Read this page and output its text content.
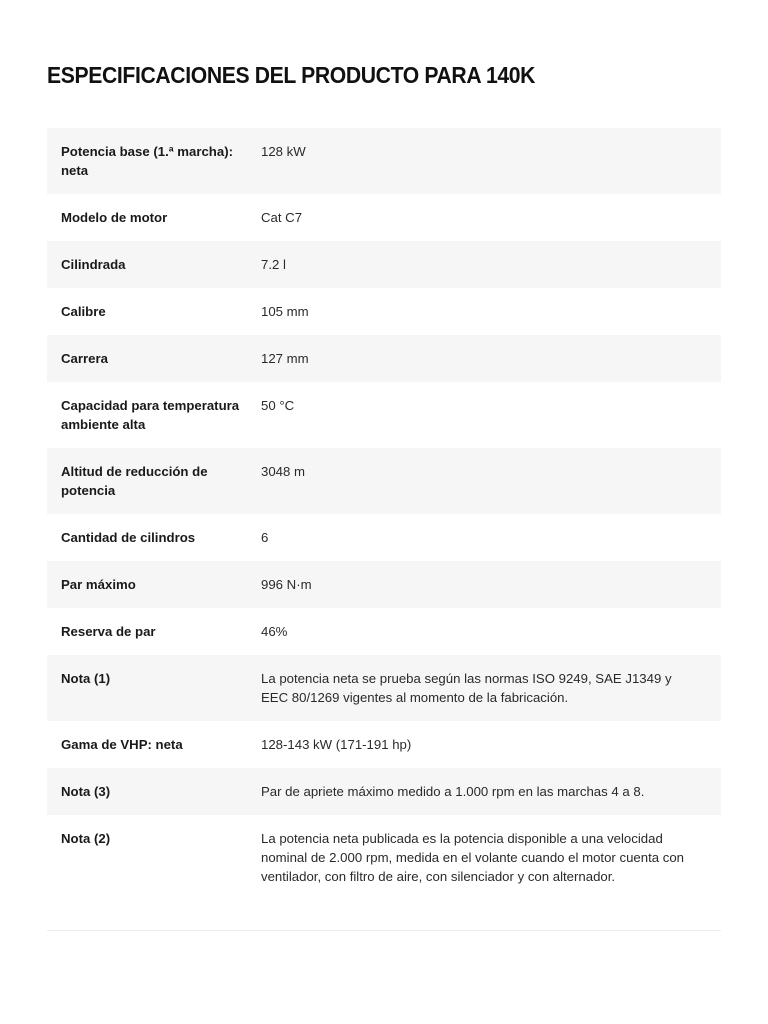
ESPECIFICACIONES DEL PRODUCTO PARA 140K
Potencia base (1.ª marcha): neta	128 kW
Modelo de motor	Cat C7
Cilindrada	7.2 l
Calibre	105 mm
Carrera	127 mm
Capacidad para temperatura ambiente alta	50 °C
Altitud de reducción de potencia	3048 m
Cantidad de cilindros	6
Par máximo	996 N·m
Reserva de par	46%
Nota (1)	La potencia neta se prueba según las normas ISO 9249, SAE J1349 y EEC 80/1269 vigentes al momento de la fabricación.
Gama de VHP: neta	128-143 kW (171-191 hp)
Nota (3)	Par de apriete máximo medido a 1.000 rpm en las marchas 4 a 8.
Nota (2)	La potencia neta publicada es la potencia disponible a una velocidad nominal de 2.000 rpm, medida en el volante cuando el motor cuenta con ventilador, con filtro de aire, con silenciador y con alternador.
